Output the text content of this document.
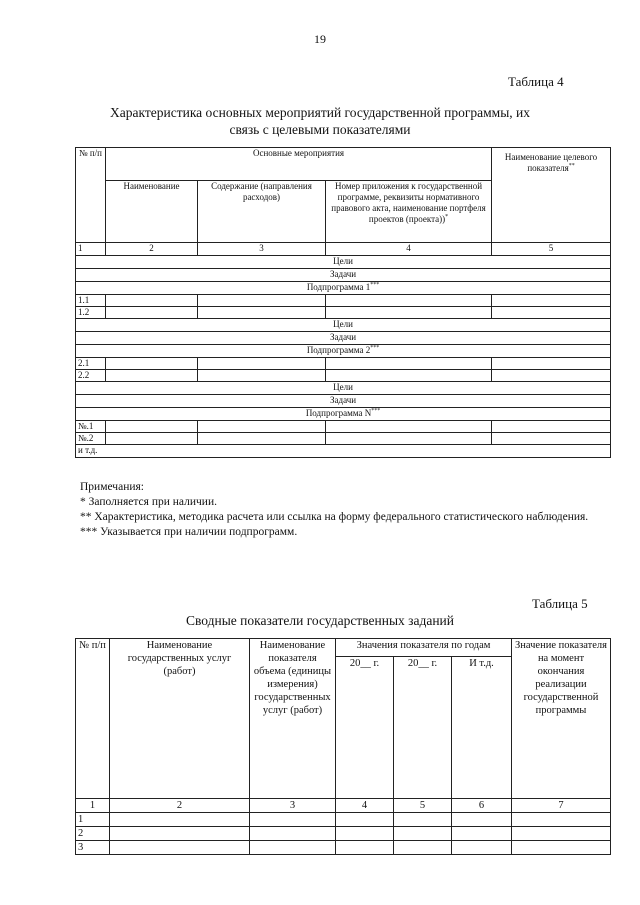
19
Таблица 4
Характеристика основных мероприятий государственной программы, их
связь с целевыми показателями
№ п/п	Основные мероприятия			Наименование целевого показателя**
	Наименование	Содержание (направления расходов)	Номер приложения к государственной программе, реквизиты нормативного правового акта, наименование портфеля проектов (проекта))*
1	2	3	4	5
Цели				
Задачи				
Подпрограмма 1***
1.1				
1.2				
Цели				
Задачи				
Подпрограмма 2***
2.1				
2.2				
Цели				
Задачи				
Подпрограмма N***
№.1				
№.2				
и т.д.				
Примечания:
* Заполняется при наличии.
** Характеристика, методика расчета или ссылка на форму федерального статистического наблюдения.
*** Указывается при наличии подпрограмм.
Таблица 5
Сводные показатели государственных заданий
№ п/п	Наименование государственных услуг (работ)	Наименование показателя объема (единицы измерения) государственных услуг (работ)	Значения показателя по годам			Значение показателя на момент окончания реализации государственной программы
			20__ г.	20__ г.	И т.д.	
1	2	3	4	5	6	7
1						
2						
3						
